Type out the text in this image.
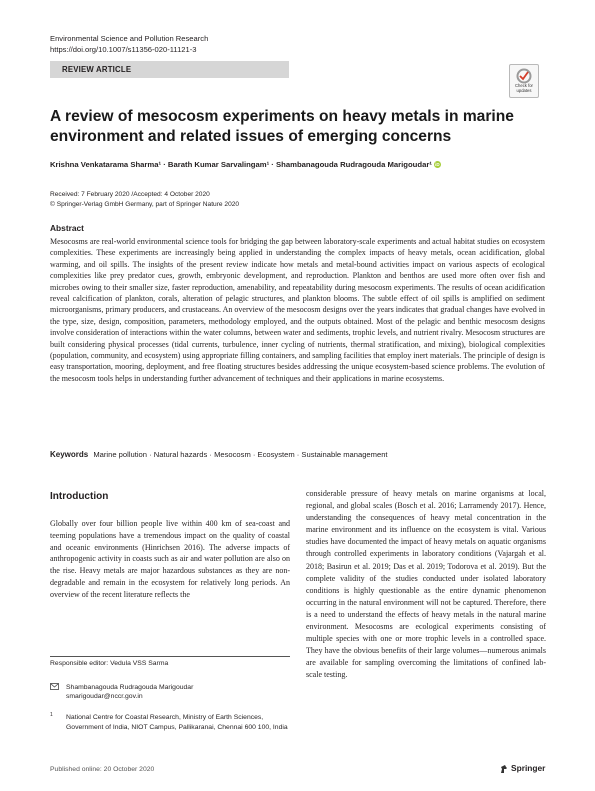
Environmental Science and Pollution Research
https://doi.org/10.1007/s11356-020-11121-3
REVIEW ARTICLE
Check for updates
A review of mesocosm experiments on heavy metals in marine environment and related issues of emerging concerns
Krishna Venkatarama Sharma¹ · Barath Kumar Sarvalingam¹ · Shambanagouda Rudragouda Marigoudar¹ iD
Received: 7 February 2020 /Accepted: 4 October 2020
© Springer-Verlag GmbH Germany, part of Springer Nature 2020
Abstract
Mesocosms are real-world environmental science tools for bridging the gap between laboratory-scale experiments and actual habitat studies on ecosystem complexities. These experiments are increasingly being applied in understanding the complex impacts of heavy metals, ocean acidification, global warming, and oil spills. The insights of the present review indicate how metals and metal-bound activities impact on various aspects of ecological complexities like prey predator cues, growth, embryonic development, and reproduction. Plankton and benthos are used more often over fish and microbes owing to their smaller size, faster reproduction, amenability, and repeatability during mesocosm experiments. The results of ocean acidification reveal calcification of plankton, corals, alteration of pelagic structures, and plankton blooms. The subtle effect of oil spills is amplified on sediment microorganisms, primary producers, and crustaceans. An overview of the mesocosm designs over the years indicates that gradual changes have evolved in the type, size, design, composition, parameters, methodology employed, and the outputs obtained. Most of the pelagic and benthic mesocosm designs involve consideration of interactions within the water columns, between water and sediments, trophic levels, and nutrient rivalry. Mesocosm structures are built considering physical processes (tidal currents, turbulence, inner cycling of nutrients, thermal stratification, and mixing), biological complexities (population, community, and ecosystem) using appropriate filling containers, and sampling facilities that employ inert materials. The principle of design is easy transportation, mooring, deployment, and free floating structures besides addressing the unique ecosystem-based science problems. The evolution of the mesocosm tools helps in understanding further advancement of techniques and their applications in marine ecosystems.
Keywords Marine pollution · Natural hazards · Mesocosm · Ecosystem · Sustainable management
Introduction
Globally over four billion people live within 400 km of sea-coast and teeming populations have a tremendous impact on the quality of coastal and oceanic environments (Hinrichsen 2016). The adverse impacts of anthropogenic activity in coasts such as air and water pollution are also on the rise. Heavy metals are major hazardous substances as they are non-degradable and remain in the ecosystem for relatively long periods. An overview of the recent literature reflects the
considerable pressure of heavy metals on marine organisms at local, regional, and global scales (Bosch et al. 2016; Larramendy 2017). Hence, understanding the consequences of heavy metal concentration in the marine environment and its influence on the ecosystem is vital. Various studies have documented the impact of heavy metals on aquatic organisms through controlled experiments in laboratory conditions (Vajargah et al. 2018; Basirun et al. 2019; Das et al. 2019; Todorova et al. 2019). But the complete validity of the studies conducted under isolated laboratory conditions is highly questionable as the entire dynamic phenomenon occurring in the natural environment will not be captured. Therefore, there is a need to understand the effects of heavy metals in the natural marine environment. Mesocosms are ecological experiments consisting of multiple species with one or more trophic levels in a controlled space. They have the obvious benefits of their large volumes—numerous animals are available for sampling overcoming the limitations of confined lab-scale testing.
Responsible editor: Vedula VSS Sarma
Shambanagouda Rudragouda Marigoudar
smarigoudar@nccr.gov.in
1 National Centre for Coastal Research, Ministry of Earth Sciences, Government of India, NIOT Campus, Pallikaranai, Chennai 600 100, India
Published online: 20 October 2020	Springer
